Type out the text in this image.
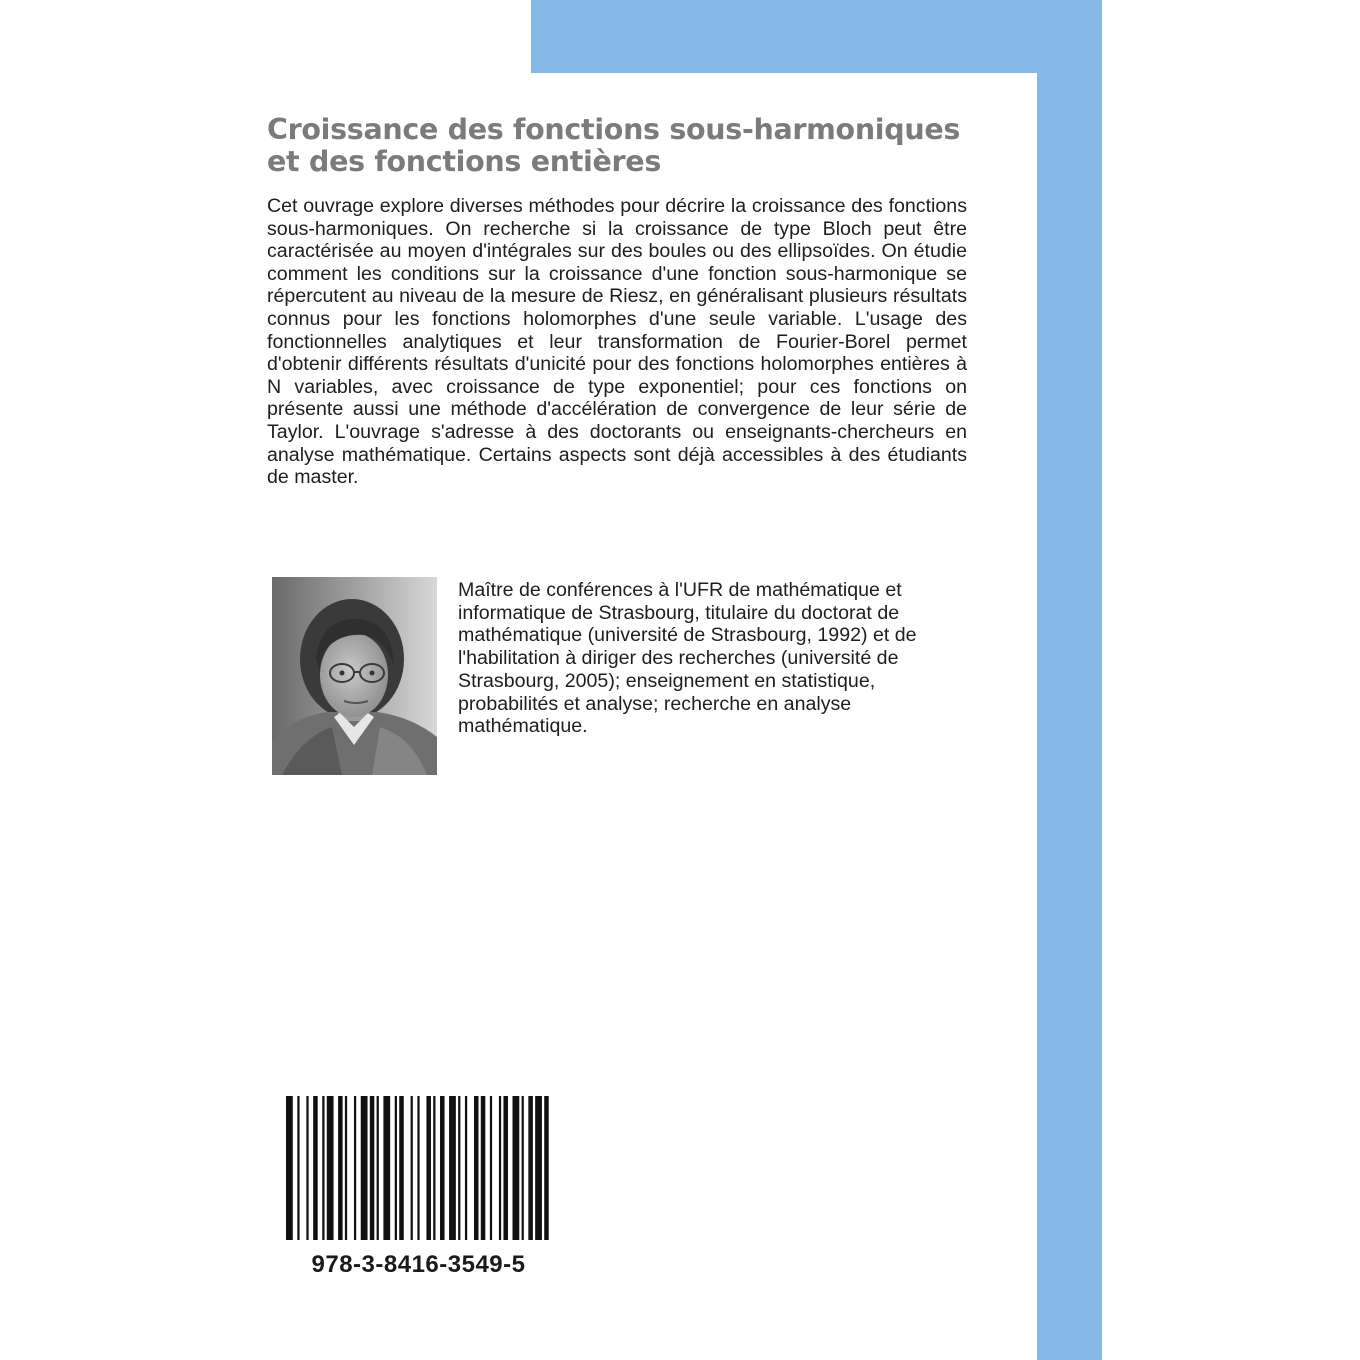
Croissance des fonctions sous-harmoniques
et des fonctions entières

Cet ouvrage explore diverses méthodes pour décrire la croissance des fonctions sous-harmoniques. On recherche si la croissance de type Bloch peut être caractérisée au moyen d'intégrales sur des boules ou des ellipsoïdes. On étudie comment les conditions sur la croissance d'une fonction sous-harmonique se répercutent au niveau de la mesure de Riesz, en généralisant plusieurs résultats connus pour les fonctions holomorphes d'une seule variable. L'usage des fonctionnelles analytiques et leur transformation de Fourier-Borel permet d'obtenir différents résultats d'unicité pour des fonctions holomorphes entières à N variables, avec croissance de type exponentiel; pour ces fonctions on présente aussi une méthode d'accélération de convergence de leur série de Taylor. L'ouvrage s'adresse à des doctorants ou enseignants-chercheurs en analyse mathématique. Certains aspects sont déjà accessibles à des étudiants de master.

Maître de conférences à l'UFR de mathématique et
informatique de Strasbourg, titulaire du doctorat de
mathématique (université de Strasbourg, 1992) et de
l'habilitation à diriger des recherches (université de
Strasbourg, 2005); enseignement en statistique,
probabilités et analyse; recherche en analyse
mathématique.

978-3-8416-3549-5
